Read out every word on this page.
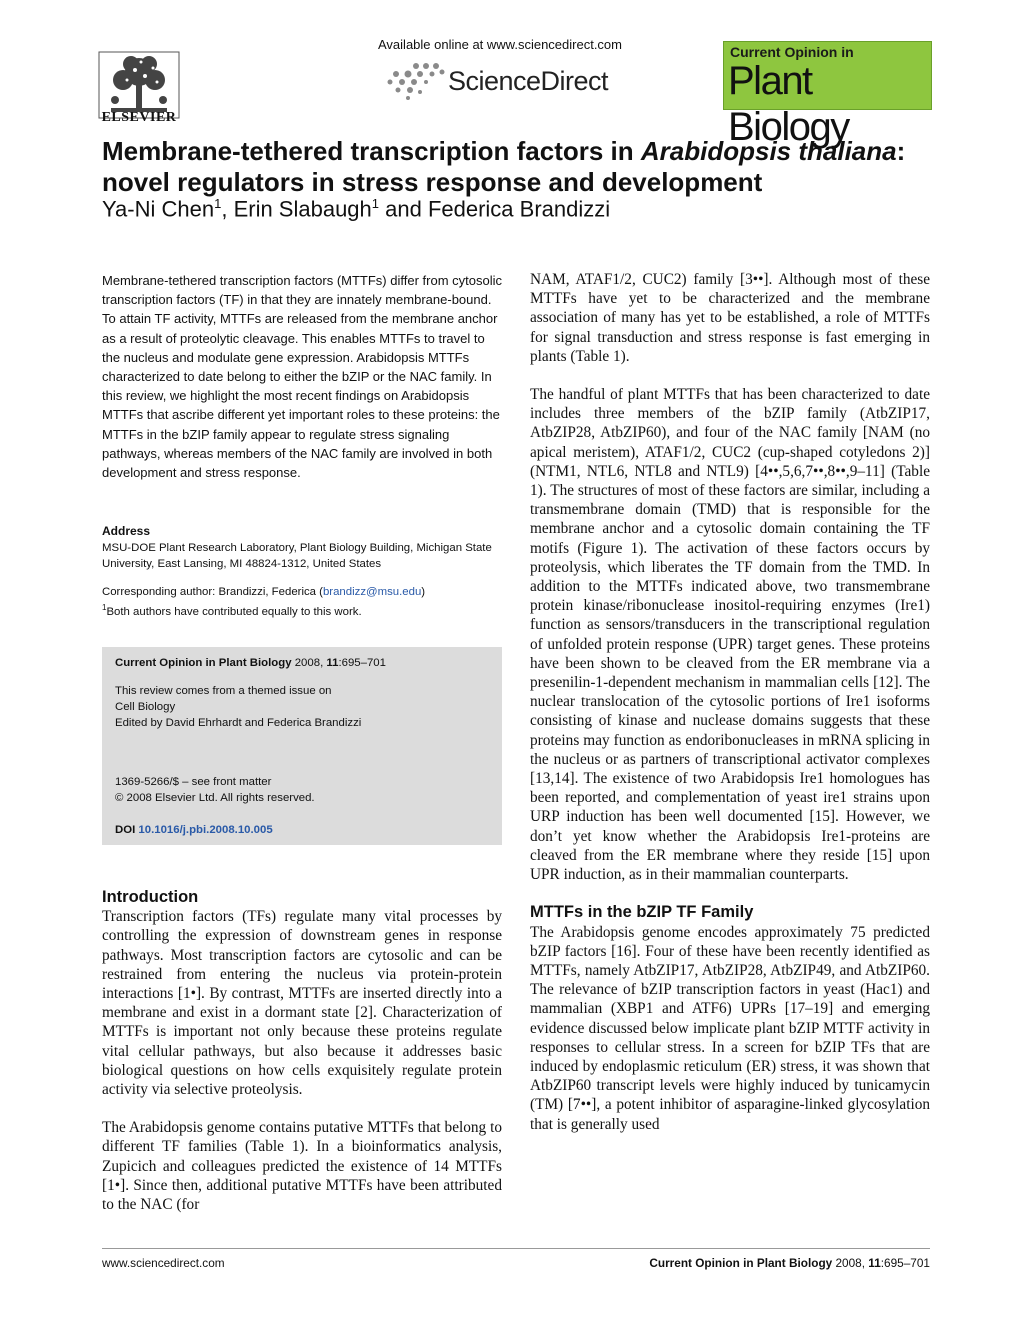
ELSEVIER
Available online at www.sciencedirect.com
ScienceDirect
Current Opinion in
Plant Biology
Membrane-tethered transcription factors in Arabidopsis thaliana:
novel regulators in stress response and development
Ya-Ni Chen$^1$, Erin Slabaugh$^1$ and Federica Brandizzi
Membrane-tethered transcription factors (MTTFs) differ from cytosolic transcription factors (TF) in that they are innately membrane-bound. To attain TF activity, MTTFs are released from the membrane anchor as a result of proteolytic cleavage. This enables MTTFs to travel to the nucleus and modulate gene expression. Arabidopsis MTTFs characterized to date belong to either the bZIP or the NAC family. In this review, we highlight the most recent findings on Arabidopsis MTTFs that ascribe different yet important roles to these proteins: the MTTFs in the bZIP family appear to regulate stress signaling pathways, whereas members of the NAC family are involved in both development and stress response.
Address
MSU-DOE Plant Research Laboratory, Plant Biology Building, Michigan State University, East Lansing, MI 48824-1312, United States
Corresponding author: Brandizzi, Federica (brandizz@msu.edu)
$^1$Both authors have contributed equally to this work.
Current Opinion in Plant Biology 2008, 11:695–701
This review comes from a themed issue on
Cell Biology
Edited by David Ehrhardt and Federica Brandizzi
1369-5266/$ – see front matter
© 2008 Elsevier Ltd. All rights reserved.
DOI 10.1016/j.pbi.2008.10.005
Introduction

Transcription factors (TFs) regulate many vital processes by controlling the expression of downstream genes in response pathways. Most transcription factors are cytosolic and can be restrained from entering the nucleus via protein-protein interactions [1•]. By contrast, MTTFs are inserted directly into a membrane and exist in a dormant state [2]. Characterization of MTTFs is important not only because these proteins regulate vital cellular pathways, but also because it addresses basic biological questions on how cells exquisitely regulate protein activity via selective proteolysis.

The Arabidopsis genome contains putative MTTFs that belong to different TF families (Table 1). In a bioinformatics analysis, Zupicich and colleagues predicted the existence of 14 MTTFs [1•]. Since then, additional putative MTTFs have been attributed to the NAC (for

NAM, ATAF1/2, CUC2) family [3••]. Although most of these MTTFs have yet to be characterized and the membrane association of many has yet to be established, a role of MTTFs for signal transduction and stress response is fast emerging in plants (Table 1).

The handful of plant MTTFs that has been characterized to date includes three members of the bZIP family (AtbZIP17, AtbZIP28, AtbZIP60), and four of the NAC family [NAM (no apical meristem), ATAF1/2, CUC2 (cup-shaped cotyledons 2)] (NTM1, NTL6, NTL8 and NTL9) [4••,5,6,7••,8••,9–11] (Table 1). The structures of most of these factors are similar, including a transmembrane domain (TMD) that is responsible for the membrane anchor and a cytosolic domain containing the TF motifs (Figure 1). The activation of these factors occurs by proteolysis, which liberates the TF domain from the TMD. In addition to the MTTFs indicated above, two transmembrane protein kinase/ribonuclease inositol-requiring enzymes (Ire1) function as sensors/transducers in the transcriptional regulation of unfolded protein response (UPR) target genes. These proteins have been shown to be cleaved from the ER membrane via a presenilin-1-dependent mechanism in mammalian cells [12]. The nuclear translocation of the cytosolic portions of Ire1 isoforms consisting of kinase and nuclease domains suggests that these proteins may function as endoribonucleases in mRNA splicing in the nucleus or as partners of transcriptional activator complexes [13,14]. The existence of two Arabidopsis Ire1 homologues has been reported, and complementation of yeast ire1 strains upon URP induction has been well documented [15]. However, we don’t yet know whether the Arabidopsis Ire1-proteins are cleaved from the ER membrane where they reside [15] upon UPR induction, as in their mammalian counterparts.

MTTFs in the bZIP TF Family

The Arabidopsis genome encodes approximately 75 predicted bZIP factors [16]. Four of these have been recently identified as MTTFs, namely AtbZIP17, AtbZIP28, AtbZIP49, and AtbZIP60. The relevance of bZIP transcription factors in yeast (Hac1) and mammalian (XBP1 and ATF6) UPRs [17–19] and emerging evidence discussed below implicate plant bZIP MTTF activity in responses to cellular stress. In a screen for bZIP TFs that are induced by endoplasmic reticulum (ER) stress, it was shown that AtbZIP60 transcript levels were highly induced by tunicamycin (TM) [7••], a potent inhibitor of asparagine-linked glycosylation that is generally used

www.sciencedirect.com	Current Opinion in Plant Biology 2008, 11:695–701
